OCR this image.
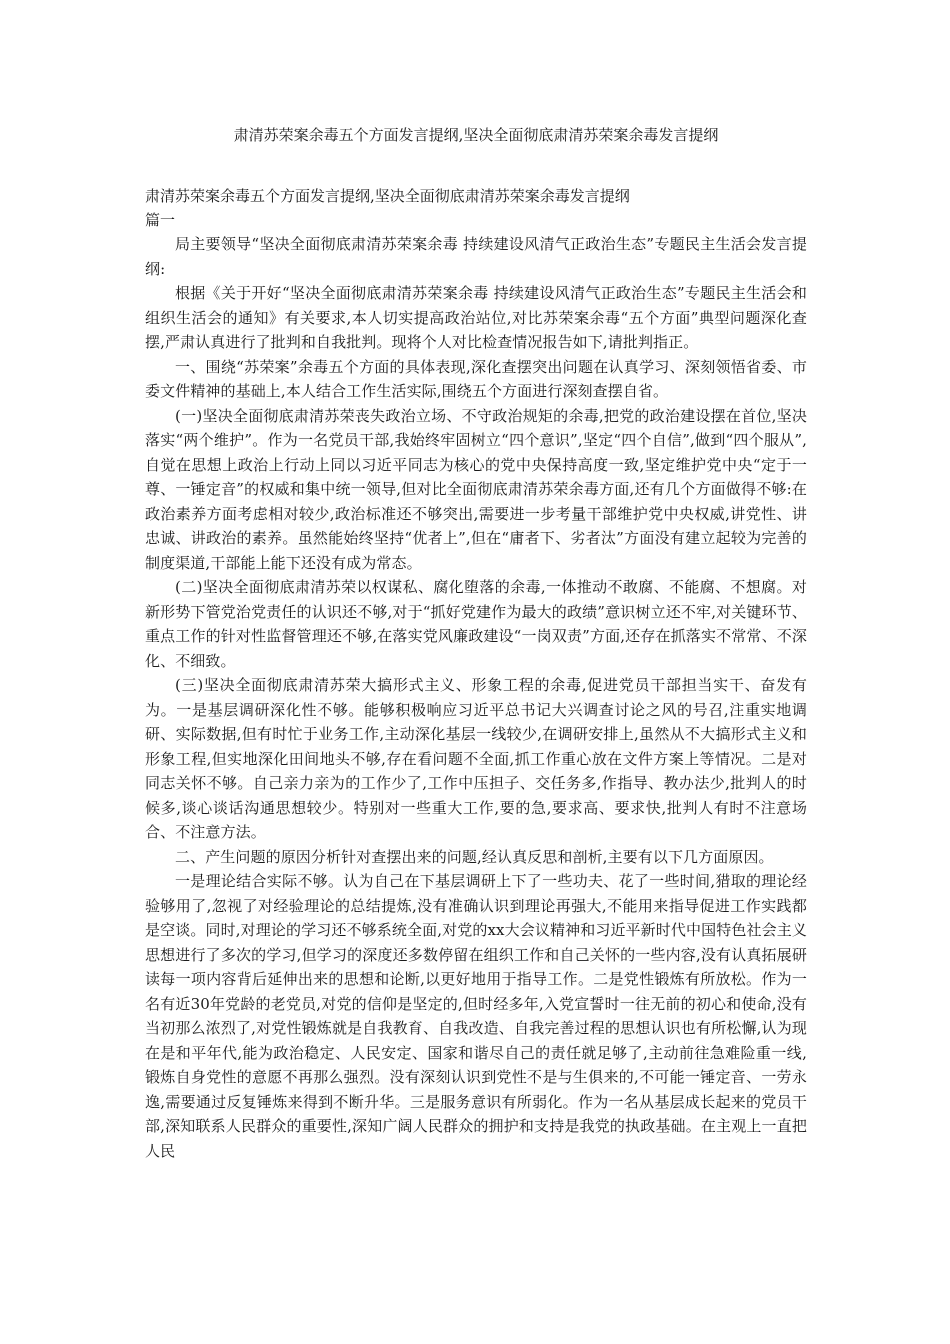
肃清苏荣案余毒五个方面发言提纲,坚决全面彻底肃清苏荣案余毒发言提纲
肃清苏荣案余毒五个方面发言提纲,坚决全面彻底肃清苏荣案余毒发言提纲
篇一
局主要领导“坚决全面彻底肃清苏荣案余毒 持续建设风清气正政治生态”专题民主生活会发言提纲:
根据《关于开好“坚决全面彻底肃清苏荣案余毒 持续建设风清气正政治生态”专题民主生活会和组织生活会的通知》有关要求,本人切实提高政治站位,对比苏荣案余毒“五个方面”典型问题深化查摆,严肃认真进行了批判和自我批判。现将个人对比检查情况报告如下,请批判指正。
一、围绕“苏荣案”余毒五个方面的具体表现,深化查摆突出问题在认真学习、深刻领悟省委、市委文件精神的基础上,本人结合工作生活实际,围绕五个方面进行深刻查摆自省。
(一)坚决全面彻底肃清苏荣丧失政治立场、不守政治规矩的余毒,把党的政治建设摆在首位,坚决落实“两个维护”。作为一名党员干部,我始终牢固树立“四个意识”,坚定“四个自信”,做到“四个服从”, 自觉在思想上政治上行动上同以习近平同志为核心的党中央保持高度一致,坚定维护党中央“定于一尊、一锤定音”的权威和集中统一领导,但对比全面彻底肃清苏荣余毒方面,还有几个方面做得不够:在政治素养方面考虑相对较少,政治标准还不够突出,需要进一步考量干部维护党中央权威,讲党性、讲忠诚、讲政治的素养。虽然能始终坚持“优者上”,但在“庸者下、劣者汰”方面没有建立起较为完善的制度渠道,干部能上能下还没有成为常态。
(二)坚决全面彻底肃清苏荣以权谋私、腐化堕落的余毒,一体推动不敢腐、不能腐、不想腐。对新形势下管党治党责任的认识还不够,对于“抓好党建作为最大的政绩”意识树立还不牢,对关键环节、重点工作的针对性监督管理还不够,在落实党风廉政建设“一岗双责”方面,还存在抓落实不常常、不深化、不细致。
(三)坚决全面彻底肃清苏荣大搞形式主义、形象工程的余毒,促进党员干部担当实干、奋发有为。一是基层调研深化性不够。能够积极响应习近平总书记大兴调查讨论之风的号召,注重实地调研、实际数据,但有时忙于业务工作,主动深化基层一线较少,在调研安排上,虽然从不大搞形式主义和形象工程,但实地深化田间地头不够,存在看问题不全面,抓工作重心放在文件方案上等情况。二是对同志关怀不够。自己亲力亲为的工作少了,工作中压担子、交任务多,作指导、教办法少,批判人的时候多,谈心谈话沟通思想较少。特别对一些重大工作,要的急,要求高、要求快,批判人有时不注意场合、不注意方法。
二、产生问题的原因分析针对查摆出来的问题,经认真反思和剖析,主要有以下几方面原因。
一是理论结合实际不够。认为自己在下基层调研上下了一些功夫、花了一些时间,猎取的理论经验够用了,忽视了对经验理论的总结提炼,没有准确认识到理论再强大,不能用来指导促进工作实践都是空谈。同时,对理论的学习还不够系统全面,对党的xx大会议精神和习近平新时代中国特色社会主义思想进行了多次的学习,但学习的深度还多数停留在组织工作和自己关怀的一些内容,没有认真拓展研读每一项内容背后延伸出来的思想和论断,以更好地用于指导工作。二是党性锻炼有所放松。作为一名有近30年党龄的老党员,对党的信仰是坚定的,但时经多年,入党宣誓时一往无前的初心和使命,没有当初那么浓烈了,对党性锻炼就是自我教育、自我改造、自我完善过程的思想认识也有所松懈,认为现在是和平年代,能为政治稳定、人民安定、国家和谐尽自己的责任就足够了,主动前往急难险重一线,锻炼自身党性的意愿不再那么强烈。没有深刻认识到党性不是与生俱来的,不可能一锤定音、一劳永逸,需要通过反复锤炼来得到不断升华。三是服务意识有所弱化。作为一名从基层成长起来的党员干部,深知联系人民群众的重要性,深知广阔人民群众的拥护和支持是我党的执政基础。在主观上一直把人民
